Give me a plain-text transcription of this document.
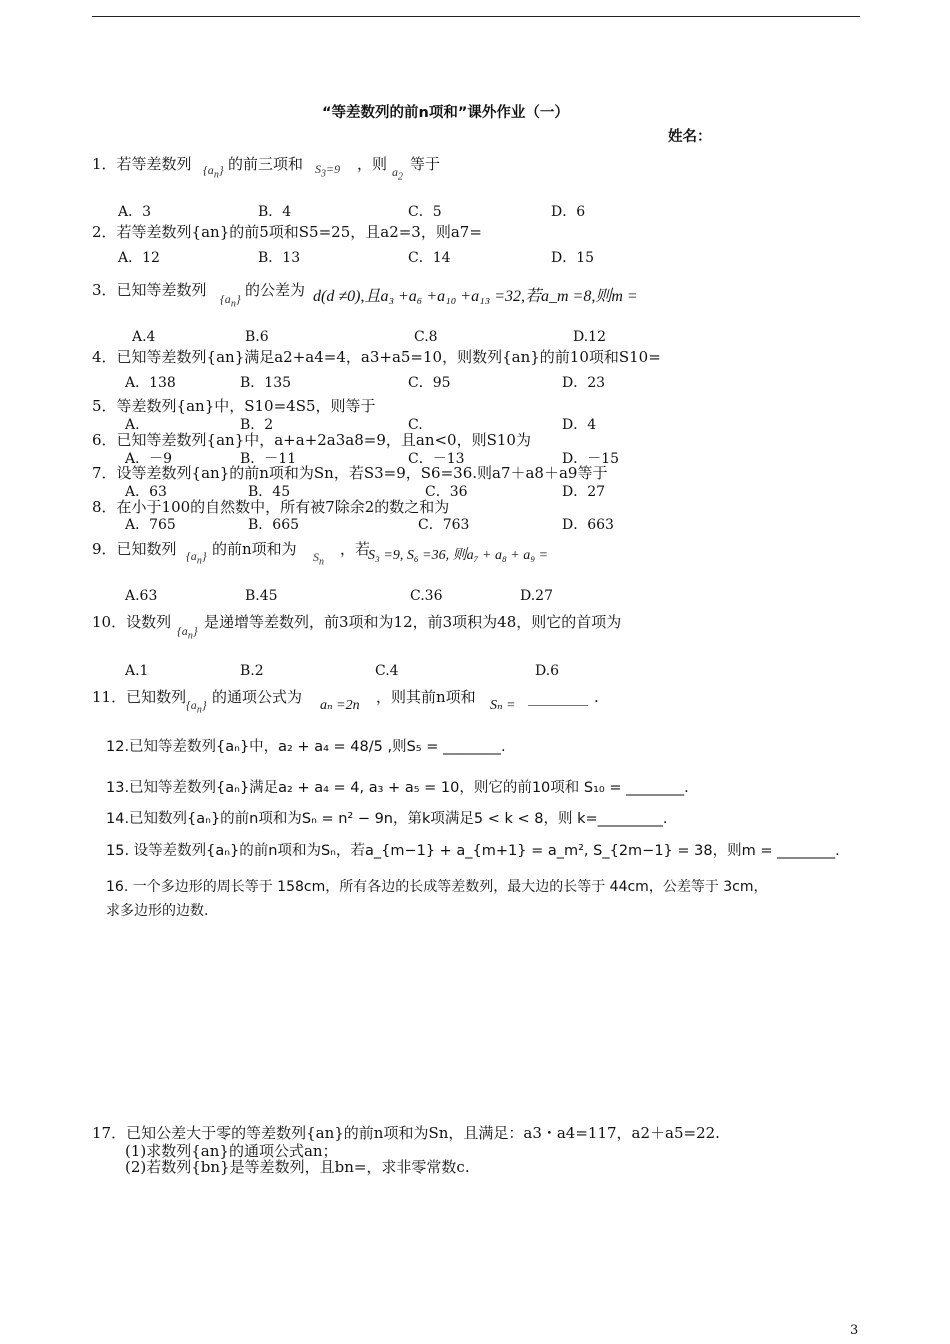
“等差数列的前n项和”课外作业（一）
姓名：
1．若等差数列 $\{a_n\}$ 的前三项和 $S_3=9$ ，则 $a_2$
等于
A．3	B．4	C．5	D．6
2．若等差数列{an}的前5项和S5=25，且a2=3，则a7=
A．12	B．13	C．14	D．15
3．已知等差数列 $\{a_n\}$ 的公差为 d(d ≠0),且a₃ +a₆ +a₁₀ +a₁₃ =32,若a_m =8,则m =
A.4	B.6	C.8	D.12
4．已知等差数列{an}满足a2+a4=4，a3+a5=10，则数列{an}的前10项和S10=
A．138	B．135	C．95	D．23
5．等差数列{an}中，S10=4S5，则等于
A.	B．2	C.	D．4
6．已知等差数列{an}中，a+a+2a3a8=9，且an<0，则S10为
A．－9	B．－11	C．－13	D．－15
7．设等差数列{an}的前n项和为Sn，若S3=9，S6=36.则a7＋a8＋a9等于
A．63	B．45	C．36	D．27
8．在小于100的自然数中，所有被7除余2的数之和为
A．765	B．665	C．763	D．663
9．已知数列 $\{a_n\}$ 的前n项和为 $S_n$
，若
S₃ =9, S₆ =36, 则a₇ + a₈ + a₉ =
A.63	B.45	C.36	D.27
10．设数列 $\{a_n\}$ 是递增等差数列，前3项和为12，前3项积为48，则它的首项为
A.1	B.2	C.4	D.6
11．已知数列 $\{a_n\}$ 的通项公式为 aₙ =2n ，则其前n项和 Sₙ = ________ .
12.已知等差数列{aₙ}中，a₂ + a₄ = 48/5 ,则S₅ = ________.
13.已知等差数列{aₙ}满足a₂ + a₄ = 4, a₃ + a₅ = 10，则它的前10项和 S₁₀ = ________.
14.已知数列{aₙ}的前n项和为Sₙ = n² − 9n，第k项满足5 < k < 8，则 k=_________.
15. 设等差数列{aₙ}的前n项和为Sₙ，若a_{m−1} + a_{m+1} = a_m², S_{2m−1} = 38，则m = ________.
16. 一个多边形的周长等于 158cm，所有各边的长成等差数列，最大边的长等于 44cm，公差等于 3cm，
求多边形的边数.
17．已知公差大于零的等差数列{an}的前n项和为Sn，且满足：a3・a4=117，a2＋a5=22.
(1)求数列{an}的通项公式an；
(2)若数列{bn}是等差数列，且bn=，求非零常数c.
3
